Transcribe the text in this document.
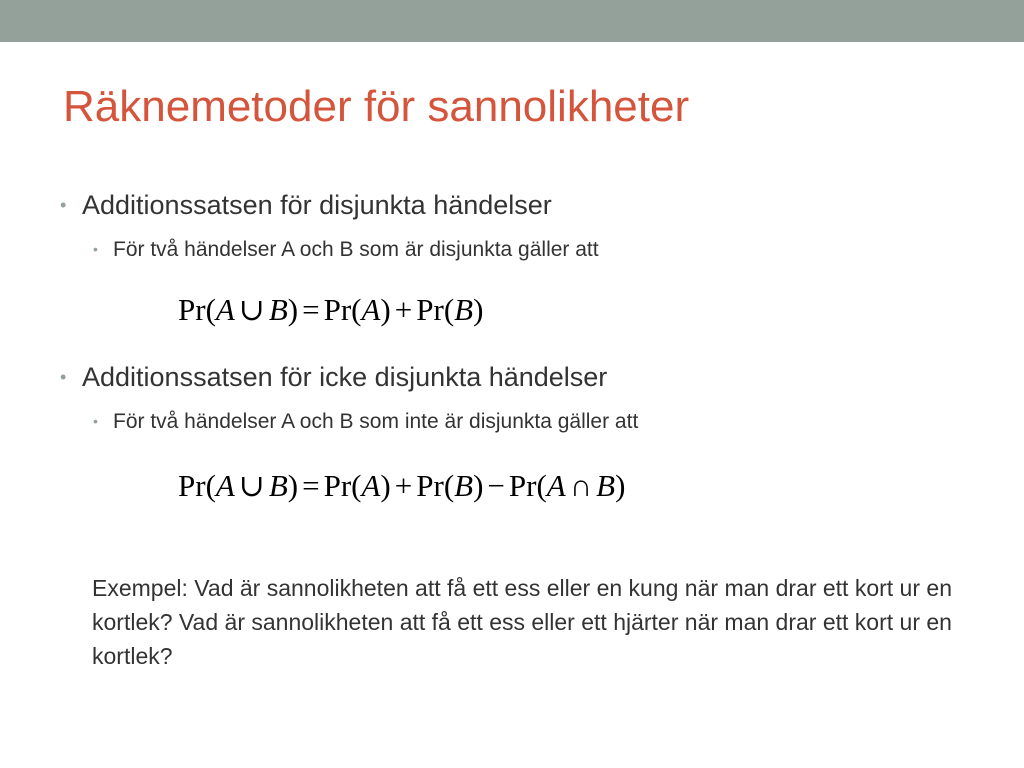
Räknemetoder för sannolikheter
• Additionssatsen för disjunkta händelser
• För två händelser A och B som är disjunkta gäller att
Pr(A ∪ B) = Pr(A) + Pr(B)
• Additionssatsen för icke disjunkta händelser
• För två händelser A och B som inte är disjunkta gäller att
Pr(A ∪ B) = Pr(A) + Pr(B) − Pr(A ∩ B)

Exempel: Vad är sannolikheten att få ett ess eller en kung när man drar ett kort ur en kortlek? Vad är sannolikheten att få ett ess eller ett hjärter när man drar ett kort ur en kortlek?
